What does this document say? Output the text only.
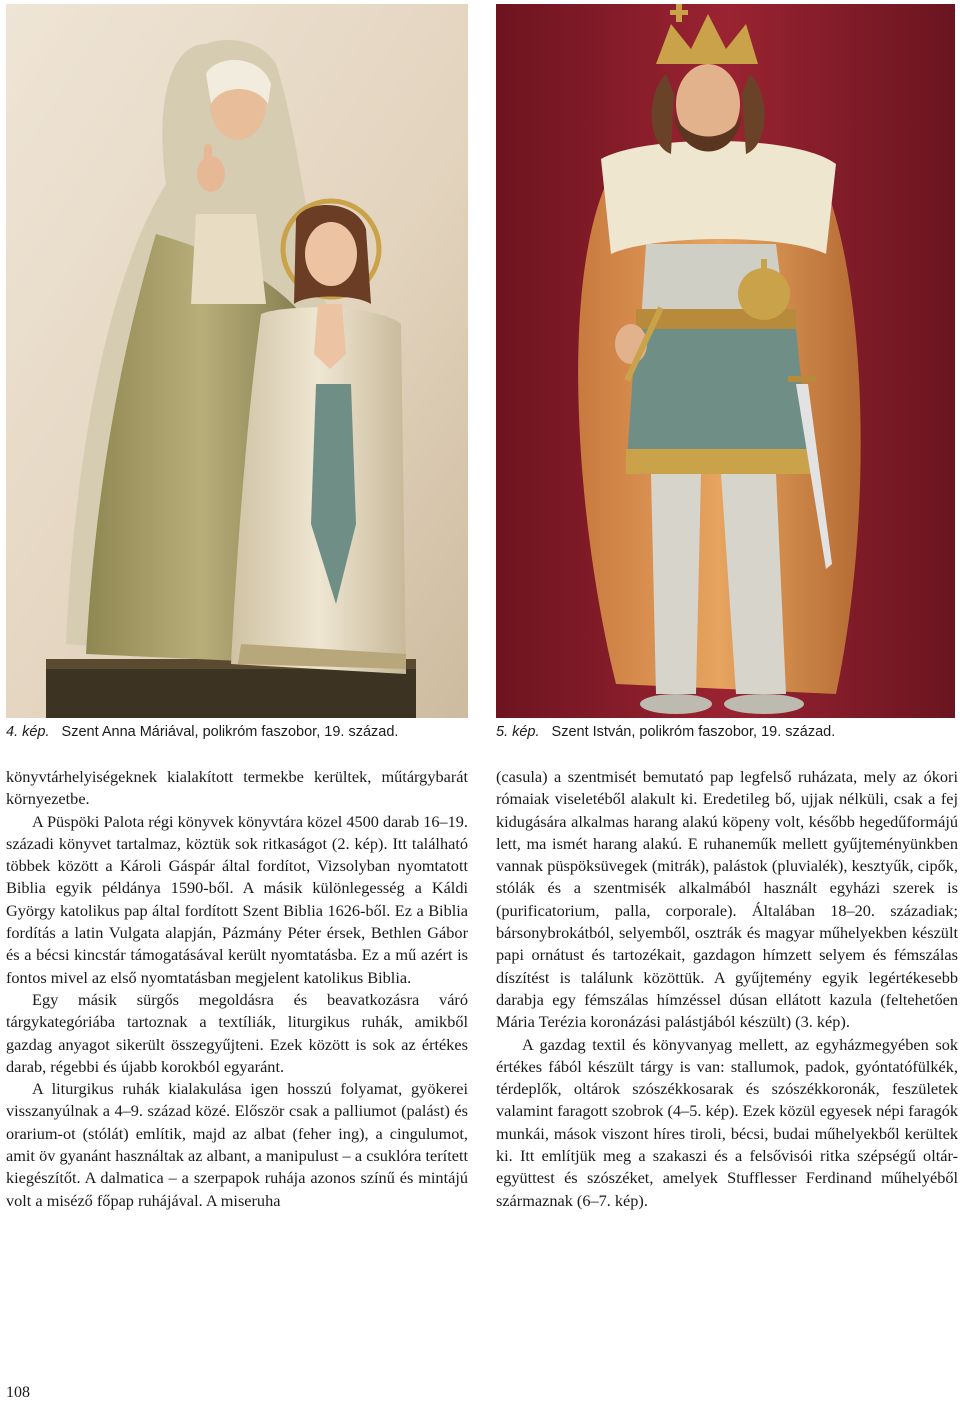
4. kép. Szent Anna Máriával, polikróm faszobor, 19. század.	5. kép. Szent István, polikróm faszobor, 19. század.

könyvtárhelyiségeknek kialakított termekbe kerültek, műtárgybarát környezetbe.

A Püspöki Palota régi könyvek könyvtára közel 4500 darab 16–19. századi könyvet tartalmaz, köztük sok ritkaságot (2. kép). Itt található többek között a Károli Gáspár által fordítot, Vizsolyban nyomtatott Biblia egyik példánya 1590-ből. A másik különlegesség a Káldi György katolikus pap által fordított Szent Biblia 1626-ből. Ez a Biblia fordítás a latin Vulgata alapján, Pázmány Péter érsek, Bethlen Gábor és a bécsi kincstár támogatásával került nyomtatásba. Ez a mű azért is fontos mivel az első nyomtatásban megjelent katolikus Biblia.

Egy másik sürgős megoldásra és beavatkozásra váró tárgykategóriába tartoznak a textíliák, liturgikus ruhák, amikből gazdag anyagot sikerült összegyűjteni. Ezek között is sok az értékes darab, régebbi és újabb korokból egyaránt.

A liturgikus ruhák kialakulása igen hosszú folyamat, gyökerei visszanyúlnak a 4–9. század közé. Először csak a palliumot (palást) és orarium-ot (stólát) említik, majd az albat (feher ing), a cingulumot, amit öv gyanánt használtak az albant, a manipulust – a csuklóra terített kiegészítőt. A dalmatica – a szerpapok ruhája azonos színű és mintájú volt a miséző főpap ruhájával. A miseruha

(casula) a szentmisét bemutató pap legfelső ruházata, mely az ókori rómaiak viseletéből alakult ki. Eredetileg bő, ujjak nélküli, csak a fej kidugására alkalmas harang alakú köpeny volt, később hegedűformájú lett, ma ismét harang alakú. E ruhaneműk mellett gyűjteményünkben vannak püspöksüvegek (mitrák), palástok (pluvialék), kesztyűk, cipők, stólák és a szentmisék alkalmából használt egyházi szerek is (purificatorium, palla, corporale). Általában 18–20. századiak; bársonybrokátból, selyemből, osztrák és magyar műhelyekben készült papi ornátust és tartozékait, gazdagon hímzett selyem és fémszálas díszítést is találunk közöttük. A gyűjtemény egyik legértékesebb darabja egy fémszálas hímzéssel dúsan ellátott kazula (feltehetően Mária Terézia koronázási palástjából készült) (3. kép).

A gazdag textil és könyvanyag mellett, az egyházmegyében sok értékes fából készült tárgy is van: stallumok, padok, gyóntatófülkék, térdeplők, oltárok szószékkosarak és szószékkoronák, feszületek valamint faragott szobrok (4–5. kép). Ezek közül egyesek népi faragók munkái, mások viszont híres tiroli, bécsi, budai műhelyekből kerültek ki. Itt említjük meg a szakaszi és a felsővisói ritka szépségű oltár-együttest és szószéket, amelyek Stufflesser Ferdinand műhelyéből származnak (6–7. kép).

108
